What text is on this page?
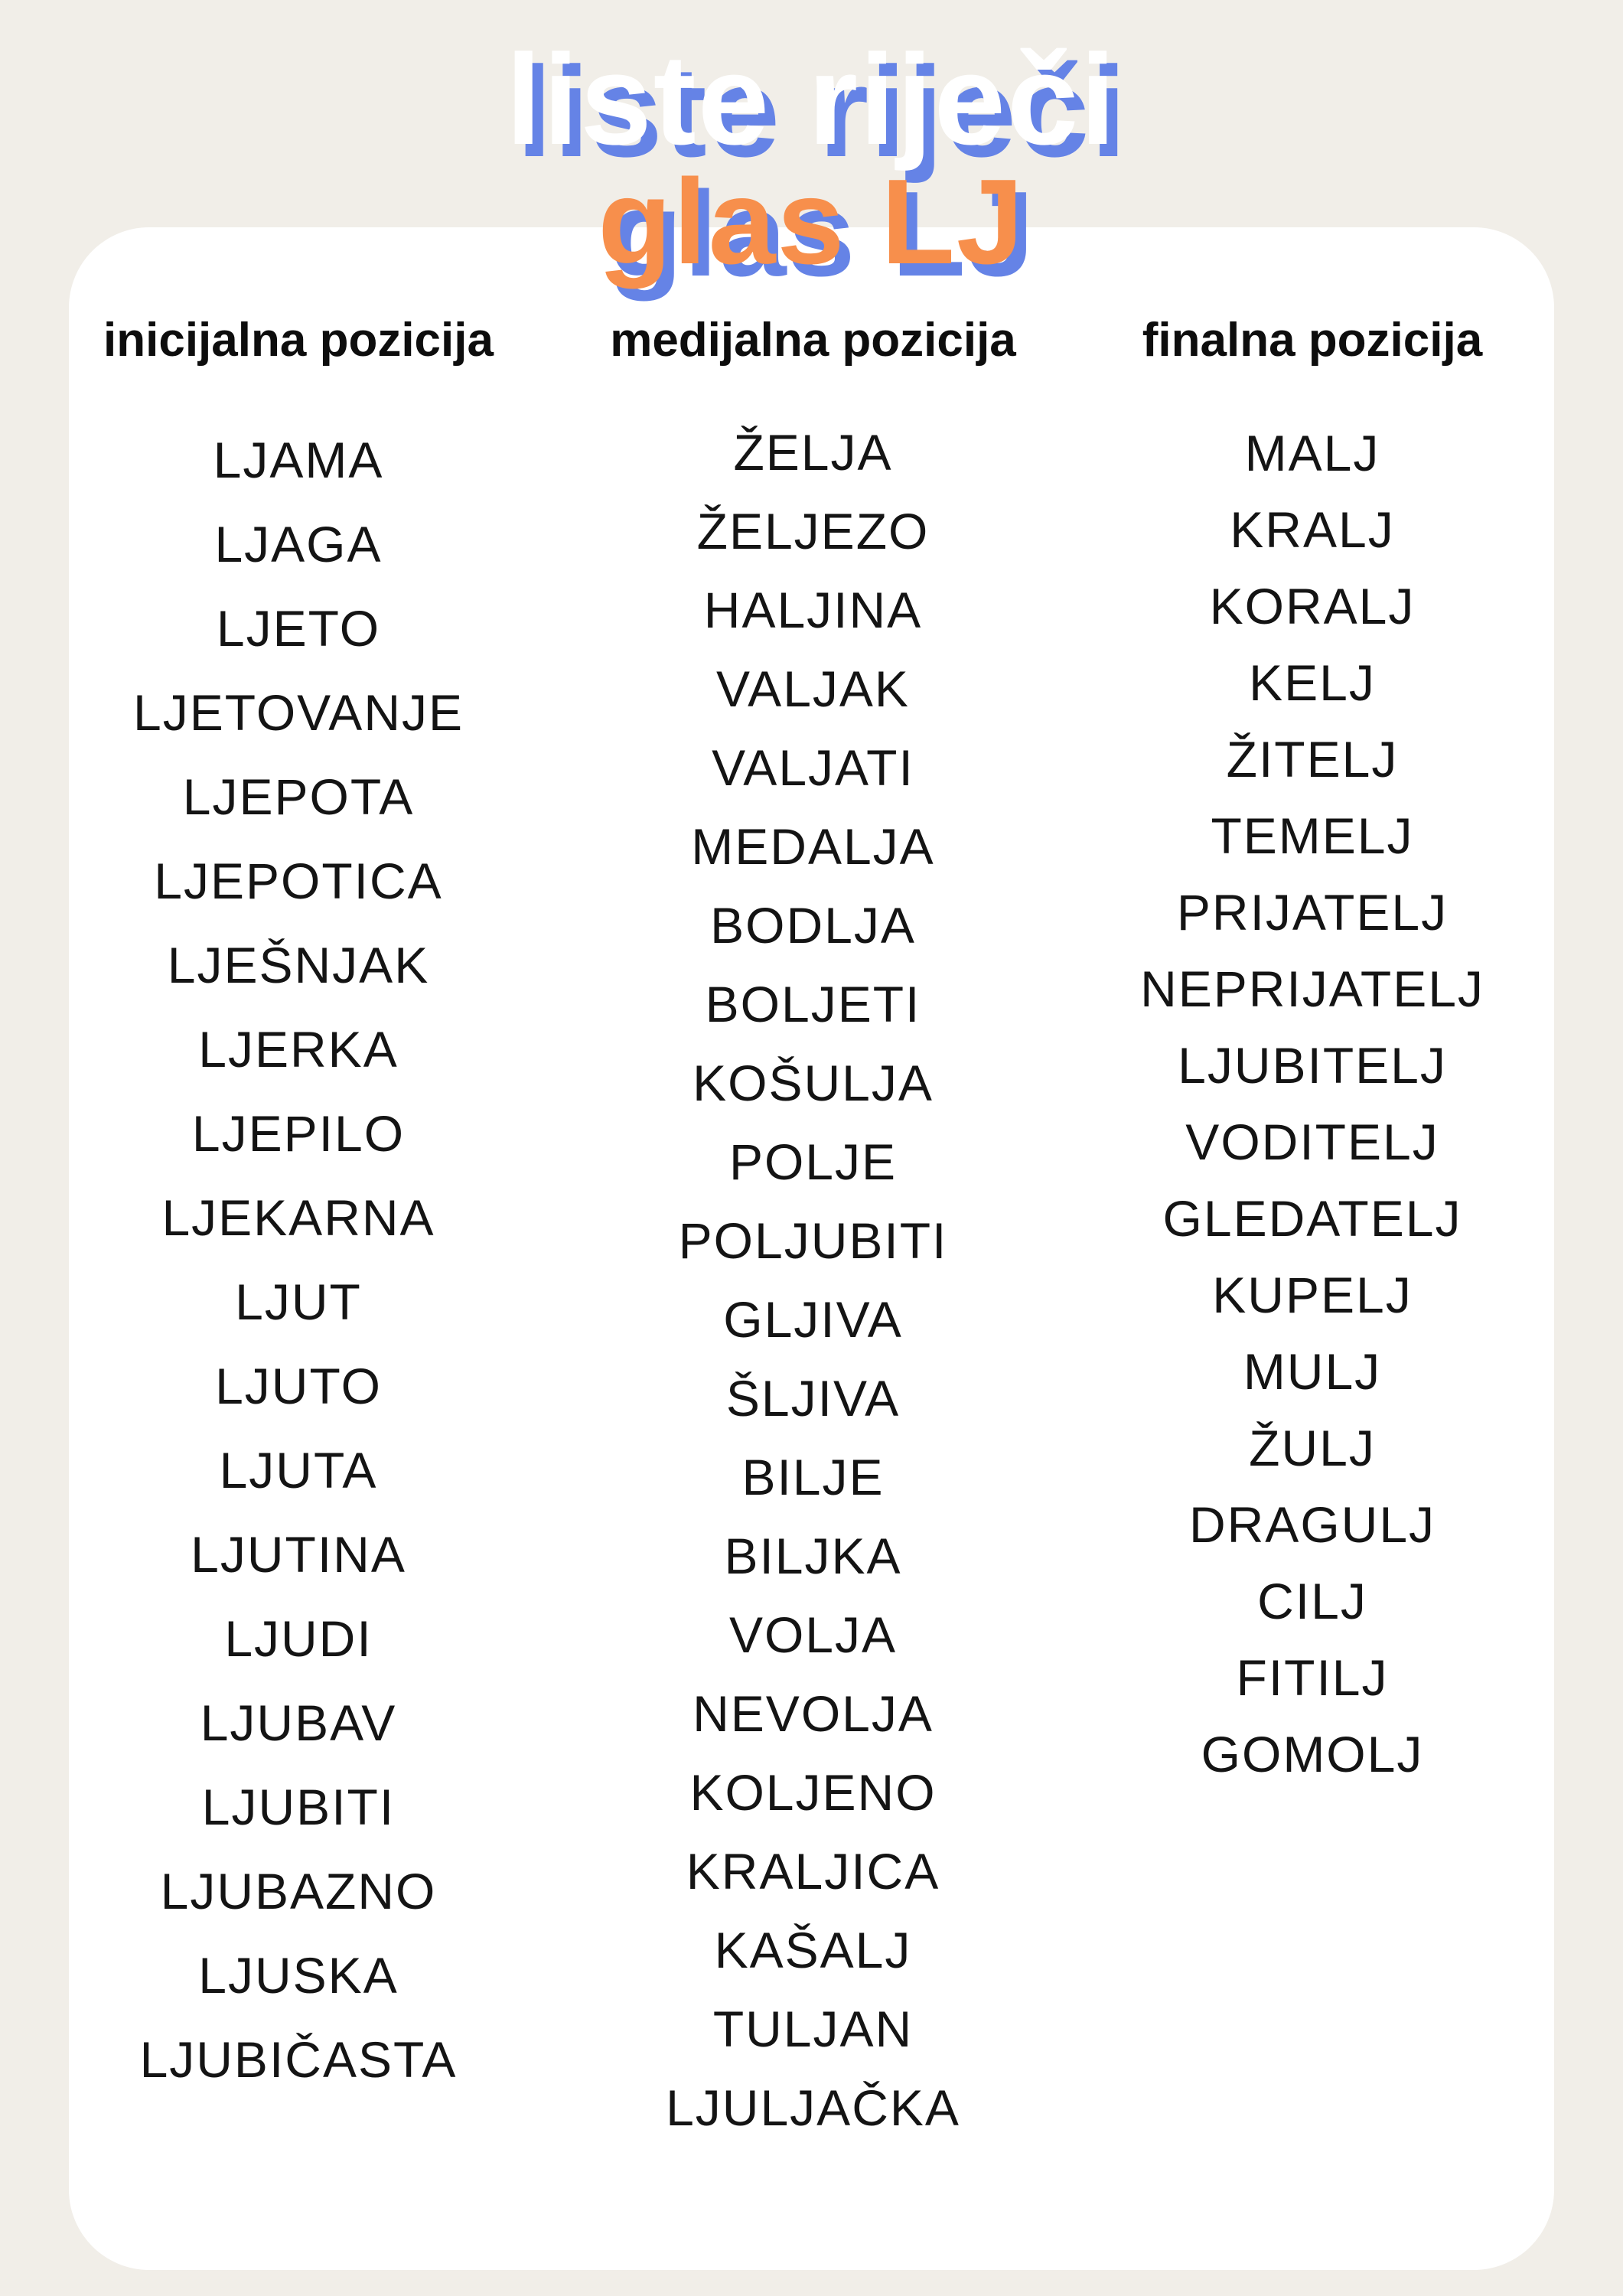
liste riječi
glas LJ
inicijalna pozicija	medijalna pozicija	finalna pozicija
LJAMA
LJAGA
LJETO
LJETOVANJE
LJEPOTA
LJEPOTICA
LJEŠNJAK
LJERKA
LJEPILO
LJEKARNA
LJUT
LJUTO
LJUTA
LJUTINA
LJUDI
LJUBAV
LJUBITI
LJUBAZNO
LJUSKA
LJUBIČASTA
ŽELJA
ŽELJEZO
HALJINA
VALJAK
VALJATI
MEDALJA
BODLJA
BOLJETI
KOŠULJA
POLJE
POLJUBITI
GLJIVA
ŠLJIVA
BILJE
BILJKA
VOLJA
NEVOLJA
KOLJENO
KRALJICA
KAŠALJ
TULJAN
LJULJAČKA
MALJ
KRALJ
KORALJ
KELJ
ŽITELJ
TEMELJ
PRIJATELJ
NEPRIJATELJ
LJUBITELJ
VODITELJ
GLEDATELJ
KUPELJ
MULJ
ŽULJ
DRAGULJ
CILJ
FITILJ
GOMOLJ
